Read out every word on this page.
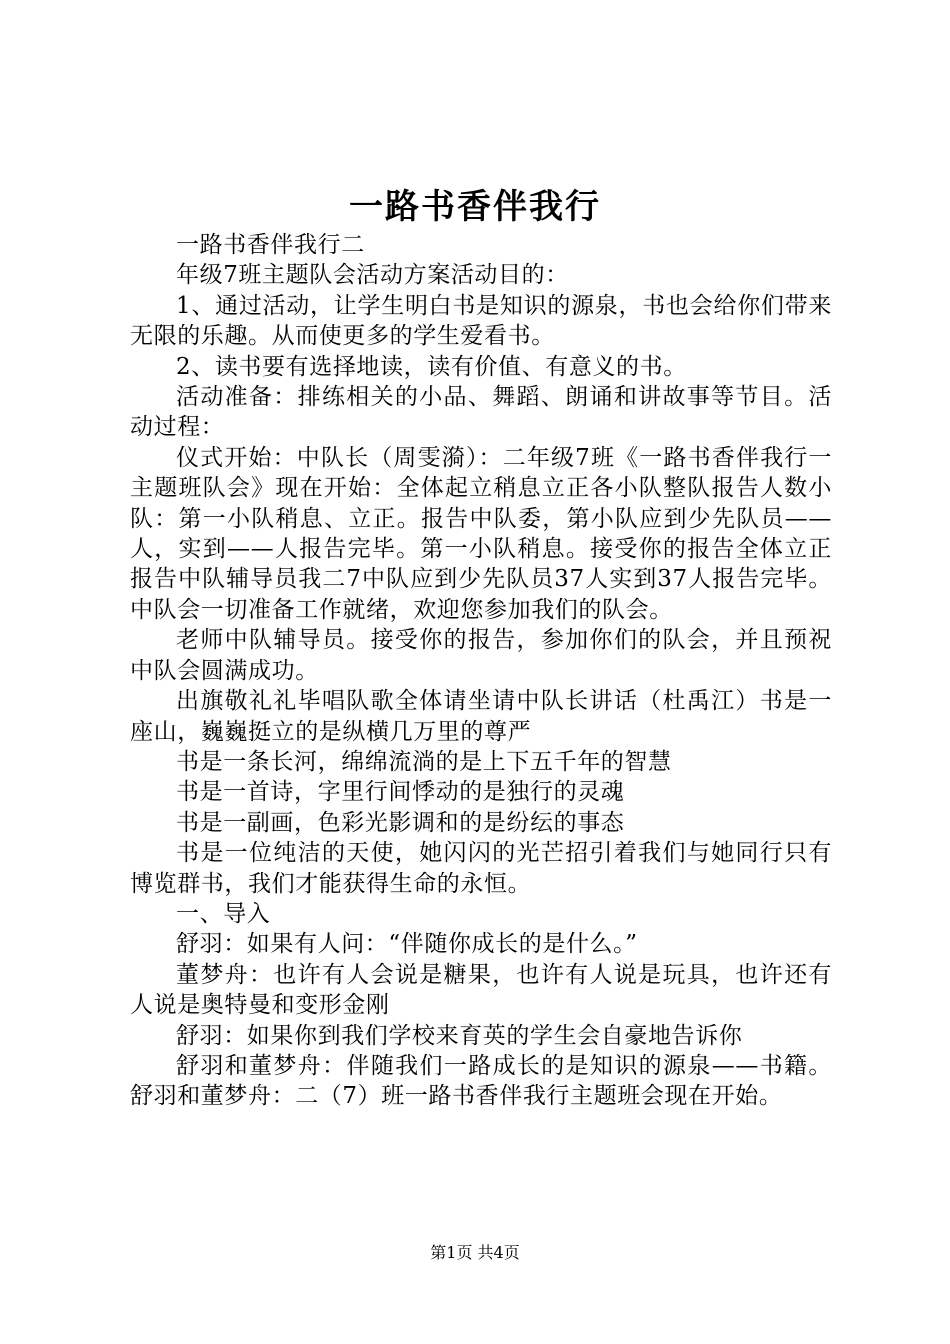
一路书香伴我行

一路书香伴我行二

年级7班主题队会活动方案活动目的：

1、通过活动，让学生明白书是知识的源泉，书也会给你们带来无限的乐趣。从而使更多的学生爱看书。

2、读书要有选择地读，读有价值、有意义的书。

活动准备：排练相关的小品、舞蹈、朗诵和讲故事等节目。活动过程：

仪式开始：中队长（周雯漪）：二年级7班《一路书香伴我行一主题班队会》现在开始：全体起立稍息立正各小队整队报告人数小队：第一小队稍息、立正。报告中队委，第小队应到少先队员——人，实到——人报告完毕。第一小队稍息。接受你的报告全体立正报告中队辅导员我二7中队应到少先队员37人实到37人报告完毕。中队会一切准备工作就绪，欢迎您参加我们的队会。

老师中队辅导员。接受你的报告，参加你们的队会，并且预祝中队会圆满成功。

出旗敬礼礼毕唱队歌全体请坐请中队长讲话（杜禹江）书是一座山，巍巍挺立的是纵横几万里的尊严

书是一条长河，绵绵流淌的是上下五千年的智慧

书是一首诗，字里行间悸动的是独行的灵魂

书是一副画，色彩光影调和的是纷纭的事态

书是一位纯洁的天使，她闪闪的光芒招引着我们与她同行只有博览群书，我们才能获得生命的永恒。

一、导入

舒羽：如果有人问：“伴随你成长的是什么。”

董梦舟：也许有人会说是糖果，也许有人说是玩具，也许还有人说是奥特曼和变形金刚

舒羽：如果你到我们学校来育英的学生会自豪地告诉你

舒羽和董梦舟：伴随我们一路成长的是知识的源泉——书籍。舒羽和董梦舟：二（7）班一路书香伴我行主题班会现在开始。

第1页 共4页
